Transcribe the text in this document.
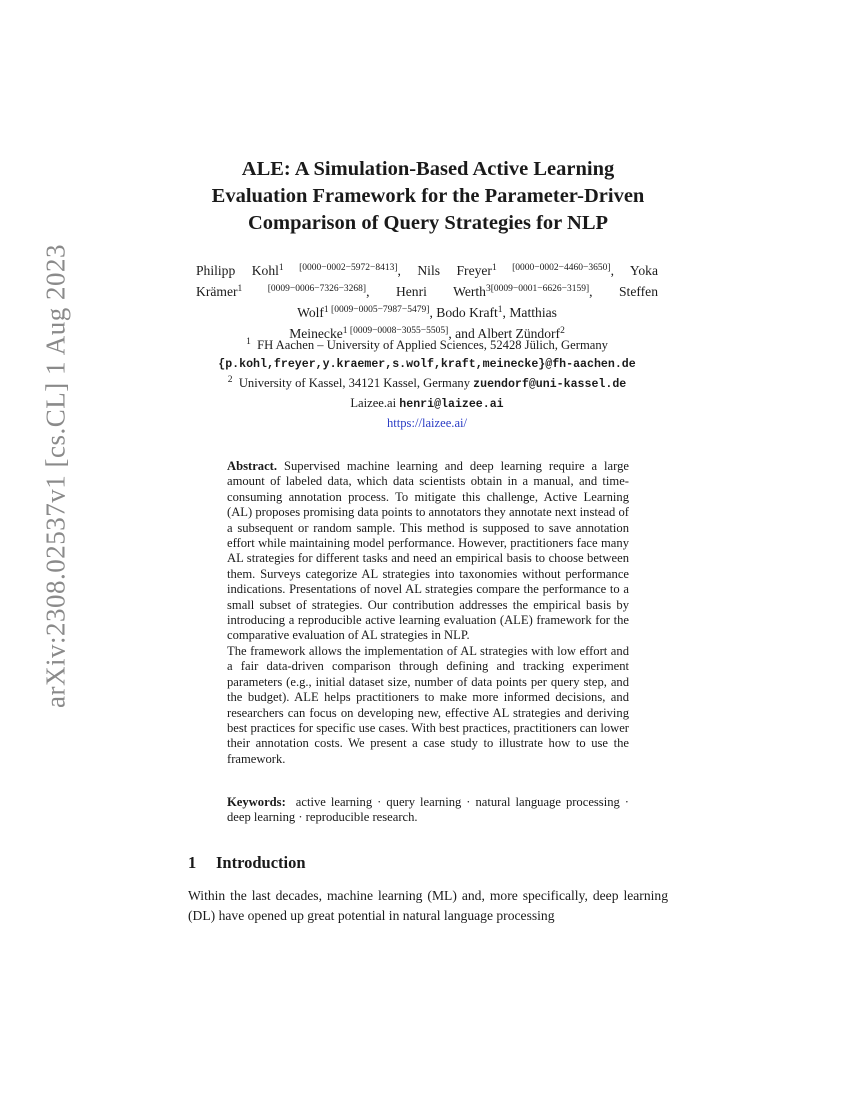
arXiv:2308.02537v1 [cs.CL] 1 Aug 2023
ALE: A Simulation-Based Active Learning
Evaluation Framework for the Parameter-Driven
Comparison of Query Strategies for NLP
Philipp Kohl$^{1 [0000-0002-5972-8413]}$, Nils Freyer$^{1 [0000-0002-4460-3650]}$, Yoka
Krämer$^{1 [0009-0006-7326-3268]}$, Henri Werth$^{3[0009-0001-6626-3159]}$, Steffen
Wolf$^{1 [0009-0005-7987-5479]}$, Bodo Kraft$^1$, Matthias
Meinecke$^{1 [0009-0008-3055-5505]}$, and Albert Zündorf$^2$
$^1$ FH Aachen – University of Applied Sciences, 52428 Jülich, Germany
{p.kohl,freyer,y.kraemer,s.wolf,kraft,meinecke}@fh-aachen.de
$^2$ University of Kassel, 34121 Kassel, Germany zuendorf@uni-kassel.de
Laizee.ai henri@laizee.ai
https://laizee.ai/

Abstract. Supervised machine learning and deep learning require a large amount of labeled data, which data scientists obtain in a manual, and time-consuming annotation process. To mitigate this challenge, Active Learning (AL) proposes promising data points to annotators they annotate next instead of a subsequent or random sample. This method is supposed to save annotation effort while maintaining model performance. However, practitioners face many AL strategies for different tasks and need an empirical basis to choose between them. Surveys categorize AL strategies into taxonomies without performance indications. Presentations of novel AL strategies compare the performance to a small subset of strategies. Our contribution addresses the empirical basis by introducing a reproducible active learning evaluation (ALE) framework for the comparative evaluation of AL strategies in NLP.

The framework allows the implementation of AL strategies with low effort and a fair data-driven comparison through defining and tracking experiment parameters (e.g., initial dataset size, number of data points per query step, and the budget). ALE helps practitioners to make more informed decisions, and researchers can focus on developing new, effective AL strategies and deriving best practices for specific use cases. With best practices, practitioners can lower their annotation costs. We present a case study to illustrate how to use the framework.

Keywords: active learning · query learning · natural language processing · deep learning · reproducible research.
1 Introduction
Within the last decades, machine learning (ML) and, more specifically, deep learning (DL) have opened up great potential in natural language processing
